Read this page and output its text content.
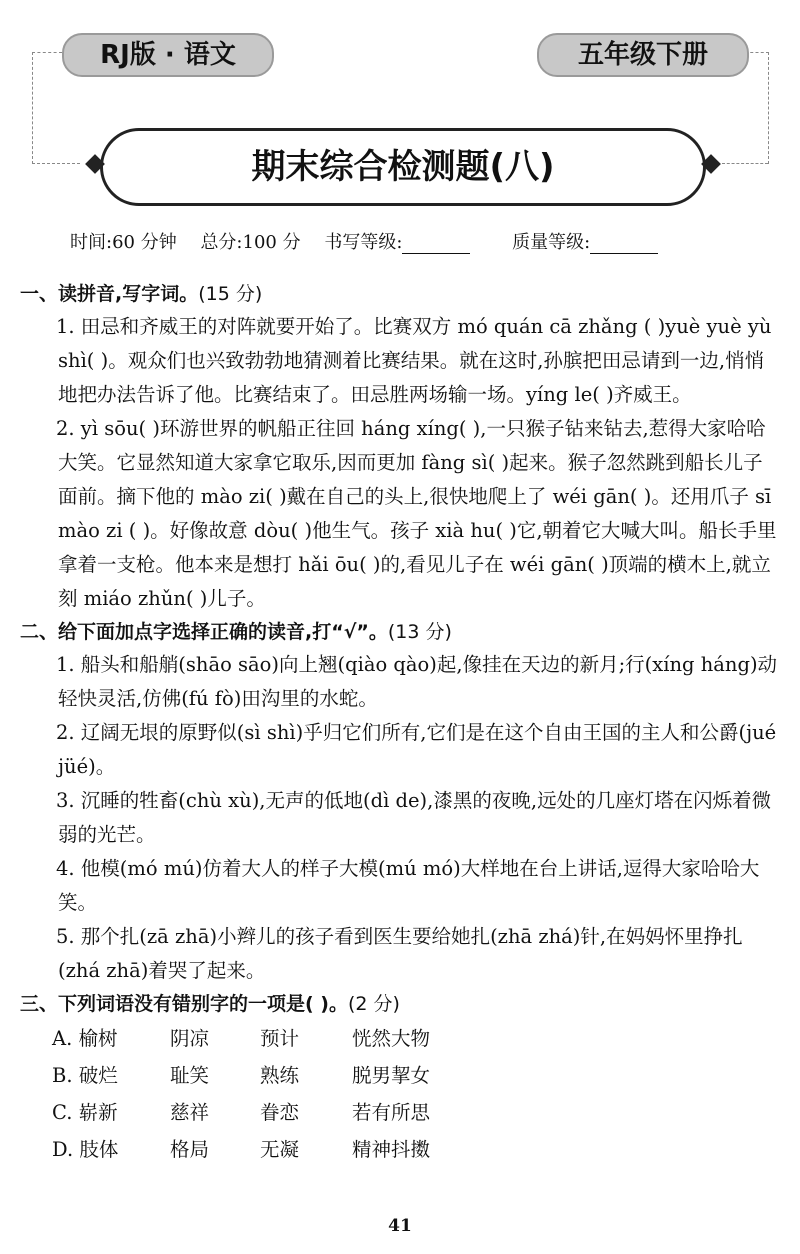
RJ版 · 语文	五年级下册
期末综合检测题(八)
时间:60 分钟 总分:100 分 书写等级:	质量等级:
一、读拼音,写字词。(15 分)

1. 田忌和齐威王的对阵就要开始了。比赛双方 mó quán cā zhǎng ( )yuè yuè yù shì( )。观众们也兴致勃勃地猜测着比赛结果。就在这时,孙膑把田忌请到一边,悄悄地把办法告诉了他。比赛结束了。田忌胜两场输一场。yíng le( )齐威王。

2. yì sōu( )环游世界的帆船正往回 háng xíng( ),一只猴子钻来钻去,惹得大家哈哈大笑。它显然知道大家拿它取乐,因而更加 fàng sì( )起来。猴子忽然跳到船长儿子面前。摘下他的 mào zi( )戴在自己的头上,很快地爬上了 wéi gān( )。还用爪子 sī mào zi ( )。好像故意 dòu( )他生气。孩子 xià hu( )它,朝着它大喊大叫。船长手里拿着一支枪。他本来是想打 hǎi ōu( )的,看见儿子在 wéi gān( )顶端的横木上,就立刻 miáo zhǔn( )儿子。

二、给下面加点字选择正确的读音,打“√”。(13 分)

1. 船头和船艄(shāo sāo)向上翘(qiào qào)起,像挂在天边的新月;行(xíng háng)动轻快灵活,仿佛(fú fò)田沟里的水蛇。

2. 辽阔无垠的原野似(sì shì)乎归它们所有,它们是在这个自由王国的主人和公爵(jué jüé)。

3. 沉睡的牲畜(chù xù),无声的低地(dì de),漆黑的夜晚,远处的几座灯塔在闪烁着微弱的光芒。

4. 他模(mó mú)仿着大人的样子大模(mú mó)大样地在台上讲话,逗得大家哈哈大笑。

5. 那个扎(zā zhā)小辫儿的孩子看到医生要给她扎(zhā zhá)针,在妈妈怀里挣扎(zhá zhā)着哭了起来。

三、下列词语没有错别字的一项是( )。(2 分)
A. 榆树	阴凉	预计	恍然大物
B. 破烂	耻笑	熟练	脱男挈女
C. 崭新	慈祥	眷恋	若有所思
D. 肢体	格局	无凝	精神抖擞
41
